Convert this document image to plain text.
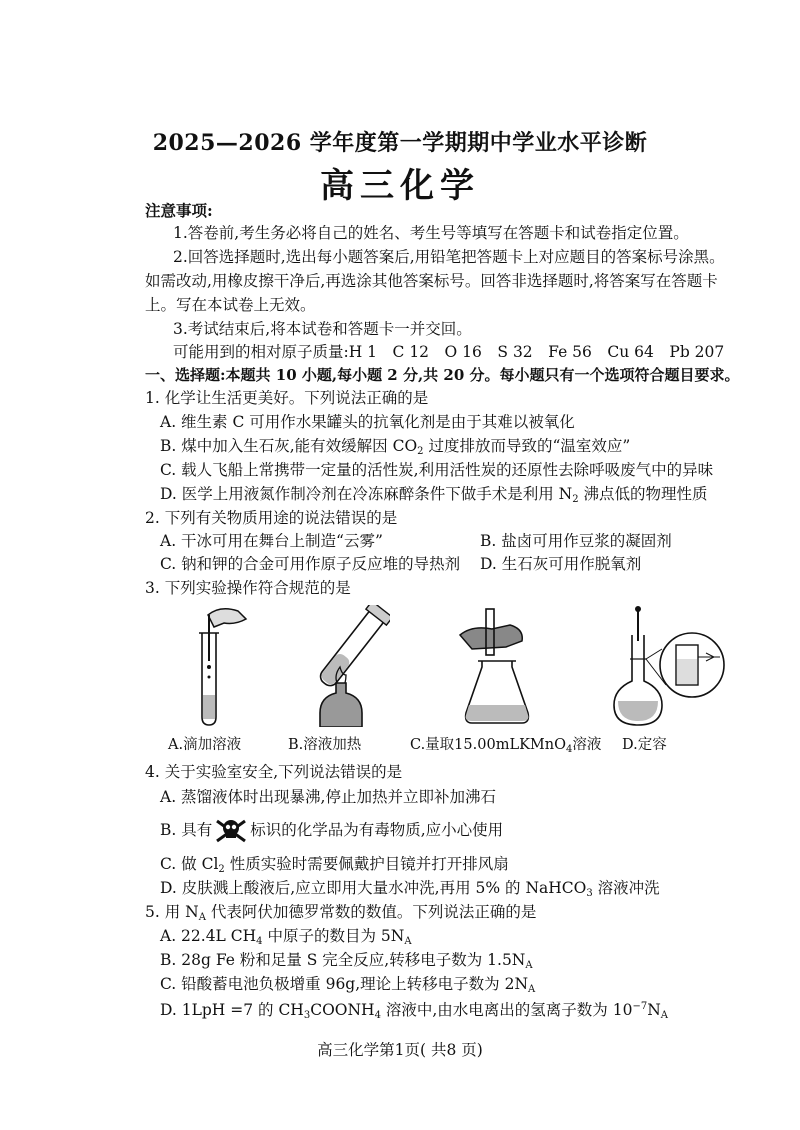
2025—2026 学年度第一学期期中学业水平诊断
高三化学
注意事项:
1.答卷前,考生务必将自己的姓名、考生号等填写在答题卡和试卷指定位置。
2.回答选择题时,选出每小题答案后,用铅笔把答题卡上对应题目的答案标号涂黑。
如需改动,用橡皮擦干净后,再选涂其他答案标号。回答非选择题时,将答案写在答题卡
上。写在本试卷上无效。
3.考试结束后,将本试卷和答题卡一并交回。
可能用到的相对原子质量:H 1　C 12　O 16　S 32　Fe 56　Cu 64　Pb 207
一、选择题:本题共 10 小题,每小题 2 分,共 20 分。每小题只有一个选项符合题目要求。
1. 化学让生活更美好。下列说法正确的是
A. 维生素 C 可用作水果罐头的抗氧化剂是由于其难以被氧化
B. 煤中加入生石灰,能有效缓解因 $CO_2$ 过度排放而导致的“温室效应”
C. 载人飞船上常携带一定量的活性炭,利用活性炭的还原性去除呼吸废气中的异味
D. 医学上用液氮作制冷剂在冷冻麻醉条件下做手术是利用 $N_2$ 沸点低的物理性质
2. 下列有关物质用途的说法错误的是
A. 干冰可用在舞台上制造“云雾”	B. 盐卤可用作豆浆的凝固剂
C. 钠和钾的合金可用作原子反应堆的导热剂 D. 生石灰可用作脱氧剂
3. 下列实验操作符合规范的是
A.滴加溶液	B.溶液加热	C.量取15.00mLKMnO$_4$溶液 D.定容
4. 关于实验室安全,下列说法错误的是
A. 蒸馏液体时出现暴沸,停止加热并立即补加沸石
B. 具有 标识的化学品为有毒物质,应小心使用
C. 做 $Cl_2$ 性质实验时需要佩戴护目镜并打开排风扇
D. 皮肤溅上酸液后,应立即用大量水冲洗,再用 5% 的 NaHCO$_3$ 溶液冲洗
5. 用 $N_A$ 代表阿伏加德罗常数的数值。下列说法正确的是
A. 22.4L $CH_4$ 中原子的数目为 $5N_A$
B. 28g Fe 粉和足量 S 完全反应,转移电子数为 $1.5N_A$
C. 铅酸蓄电池负极增重 96g,理论上转移电子数为 $2N_A$
D. 1LpH =7 的 $CH_3COONH_4$ 溶液中,由水电离出的氢离子数为 $10^{-7}N_A$
高三化学第1页( 共8 页)
